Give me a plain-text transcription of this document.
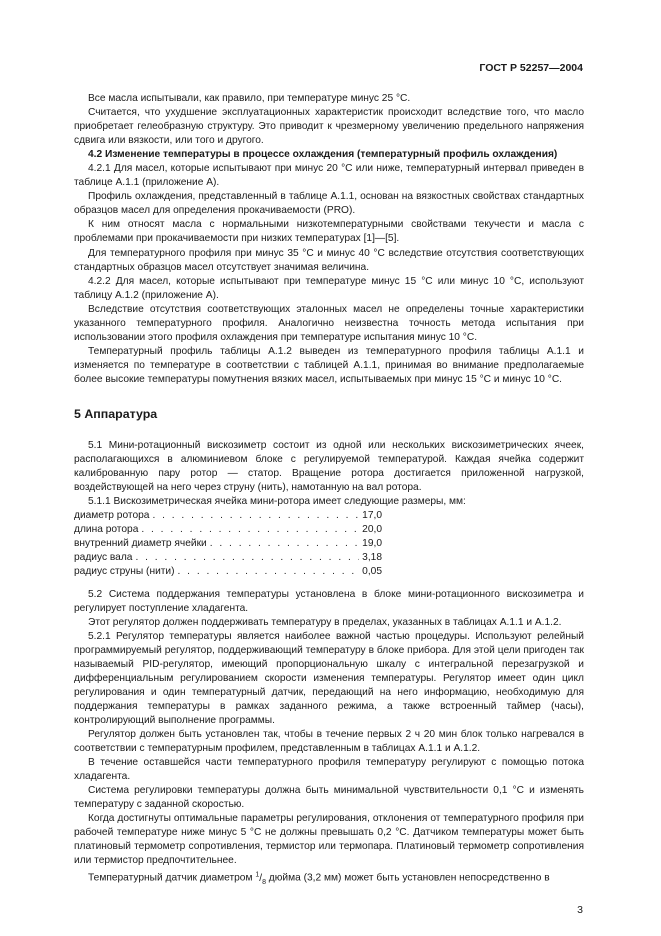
ГОСТ Р 52257—2004

Все масла испытывали, как правило, при температуре минус 25 °С.

Считается, что ухудшение эксплуатационных характеристик происходит вследствие того, что масло приобретает гелеобразную структуру. Это приводит к чрезмерному увеличению предельного напряжения сдвига или вязкости, или того и другого.

4.2 Изменение температуры в процессе охлаждения (температурный профиль охлаждения)

4.2.1 Для масел, которые испытывают при минус 20 °С или ниже, температурный интервал приведен в таблице А.1.1 (приложение А).

Профиль охлаждения, представленный в таблице А.1.1, основан на вязкостных свойствах стандартных образцов масел для определения прокачиваемости (PRO).

К ним относят масла с нормальными низкотемпературными свойствами текучести и масла с проблемами при прокачиваемости при низких температурах [1]—[5].

Для температурного профиля при минус 35 °С и минус 40 °С вследствие отсутствия соответствующих стандартных образцов масел отсутствует значимая величина.

4.2.2 Для масел, которые испытывают при температуре минус 15 °С или минус 10 °С, используют таблицу А.1.2 (приложение А).

Вследствие отсутствия соответствующих эталонных масел не определены точные характеристики указанного температурного профиля. Аналогично неизвестна точность метода испытания при использовании этого профиля охлаждения при температуре испытания минус 10 °С.

Температурный профиль таблицы А.1.2 выведен из температурного профиля таблицы А.1.1 и изменяется по температуре в соответствии с таблицей А.1.1, принимая во внимание предполагаемые более высокие температуры помутнения вязких масел, испытываемых при минус 15 °С и минус 10 °С.

5 Аппаратура

5.1 Мини-ротационный вискозиметр состоит из одной или нескольких вискозиметрических ячеек, располагающихся в алюминиевом блоке с регулируемой температурой. Каждая ячейка содержит калиброванную пару ротор — статор. Вращение ротора достигается приложенной нагрузкой, воздействующей на него через струну (нить), намотанную на вал ротора.

5.1.1 Вискозиметрическая ячейка мини-ротора имеет следующие размеры, мм:

диаметр ротора . . .	17,0
длина ротора . . .	20,0
внутренний диаметр ячейки . . .	19,0
радиус вала . . .	3,18
радиус струны (нити) . . .	0,05

5.2 Система поддержания температуры установлена в блоке мини-ротационного вискозиметра и регулирует поступление хладагента.

Этот регулятор должен поддерживать температуру в пределах, указанных в таблицах А.1.1 и А.1.2.

5.2.1 Регулятор температуры является наиболее важной частью процедуры. Используют релейный программируемый регулятор, поддерживающий температуру в блоке прибора. Для этой цели пригоден так называемый PID-регулятор, имеющий пропорциональную шкалу с интегральной перезагрузкой и дифференциальным регулированием скорости изменения температуры. Регулятор имеет один цикл регулирования и один температурный датчик, передающий на него информацию, необходимую для поддержания температуры в рамках заданного режима, а также встроенный таймер (часы), контролирующий выполнение программы.

Регулятор должен быть установлен так, чтобы в течение первых 2 ч 20 мин блок только нагревался в соответствии с температурным профилем, представленным в таблицах А.1.1 и А.1.2.

В течение оставшейся части температурного профиля температуру регулируют с помощью потока хладагента.

Система регулировки температуры должна быть минимальной чувствительности 0,1 °С и изменять температуру с заданной скоростью.

Когда достигнуты оптимальные параметры регулирования, отклонения от температурного профиля при рабочей температуре ниже минус 5 °С не должны превышать 0,2 °С. Датчиком температуры может быть платиновый термометр сопротивления, термистор или термопара. Платиновый термометр сопротивления или термистор предпочтительнее.

Температурный датчик диаметром $^1/_8$ дюйма (3,2 мм) может быть установлен непосредственно в

3
